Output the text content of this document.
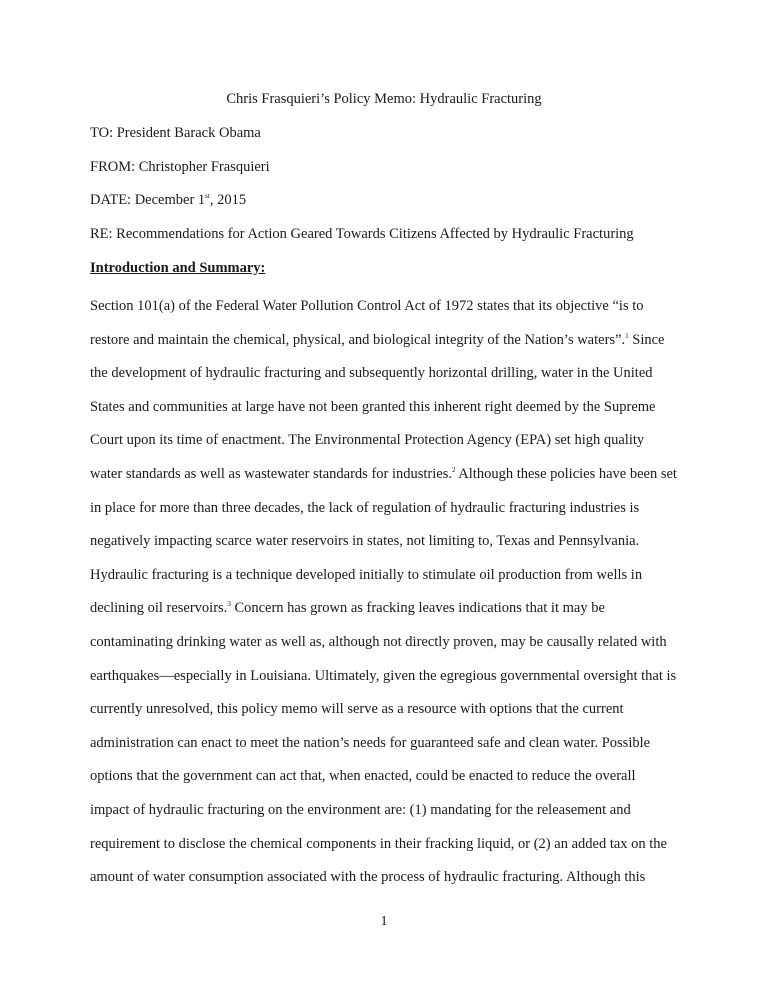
Chris Frasquieri’s Policy Memo: Hydraulic Fracturing
TO: President Barack Obama
FROM: Christopher Frasquieri
DATE: December 1st, 2015
RE: Recommendations for Action Geared Towards Citizens Affected by Hydraulic Fracturing
Introduction and Summary:
Section 101(a) of the Federal Water Pollution Control Act of 1972 states that its objective “is to
restore and maintain the chemical, physical, and biological integrity of the Nation’s waters”.$^1$ Since
the development of hydraulic fracturing and subsequently horizontal drilling, water in the United
States and communities at large have not been granted this inherent right deemed by the Supreme
Court upon its time of enactment. The Environmental Protection Agency (EPA) set high quality
water standards as well as wastewater standards for industries.$^2$ Although these policies have been set
in place for more than three decades, the lack of regulation of hydraulic fracturing industries is
negatively impacting scarce water reservoirs in states, not limiting to, Texas and Pennsylvania.
Hydraulic fracturing is a technique developed initially to stimulate oil production from wells in
declining oil reservoirs.$^3$ Concern has grown as fracking leaves indications that it may be
contaminating drinking water as well as, although not directly proven, may be causally related with
earthquakes—especially in Louisiana. Ultimately, given the egregious governmental oversight that is
currently unresolved, this policy memo will serve as a resource with options that the current
administration can enact to meet the nation’s needs for guaranteed safe and clean water. Possible
options that the government can act that, when enacted, could be enacted to reduce the overall
impact of hydraulic fracturing on the environment are: (1) mandating for the releasement and
requirement to disclose the chemical components in their fracking liquid, or (2) an added tax on the
amount of water consumption associated with the process of hydraulic fracturing. Although this
1
